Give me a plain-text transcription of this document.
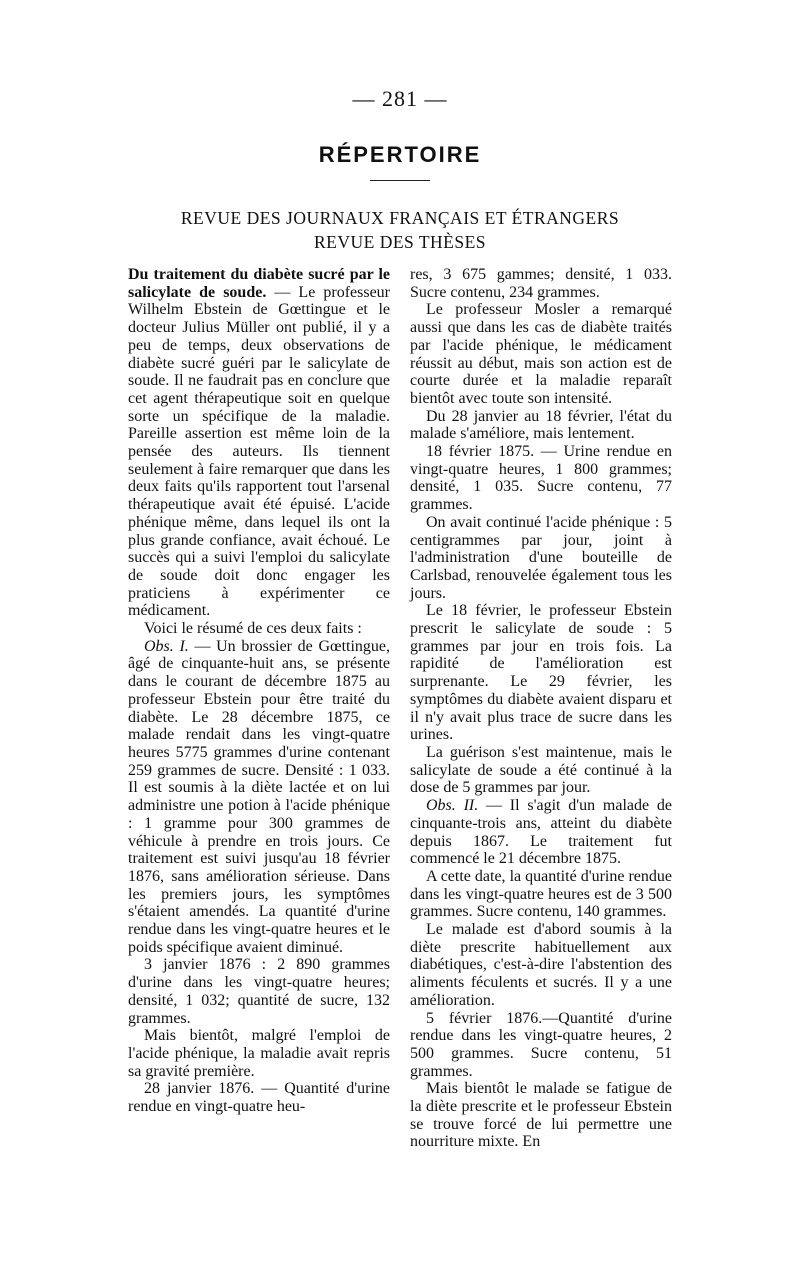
— 281 —
RÉPERTOIRE
REVUE DES JOURNAUX FRANÇAIS ET ÉTRANGERS
REVUE DES THÈSES

Du traitement du diabète sucré par le salicylate de soude. — Le professeur Wilhelm Ebstein de Gœttingue et le docteur Julius Müller ont publié, il y a peu de temps, deux observations de diabète sucré guéri par le salicylate de soude. Il ne faudrait pas en conclure que cet agent thérapeutique soit en quelque sorte un spécifique de la maladie. Pareille assertion est même loin de la pensée des auteurs. Ils tiennent seulement à faire remarquer que dans les deux faits qu'ils rapportent tout l'arsenal thérapeutique avait été épuisé. L'acide phénique même, dans lequel ils ont la plus grande confiance, avait échoué. Le succès qui a suivi l'emploi du salicylate de soude doit donc engager les praticiens à expérimenter ce médicament.

Voici le résumé de ces deux faits :

Obs. I. — Un brossier de Gœttingue, âgé de cinquante-huit ans, se présente dans le courant de décembre 1875 au professeur Ebstein pour être traité du diabète. Le 28 décembre 1875, ce malade rendait dans les vingt-quatre heures 5775 grammes d'urine contenant 259 grammes de sucre. Densité : 1 033. Il est soumis à la diète lactée et on lui administre une potion à l'acide phénique : 1 gramme pour 300 grammes de véhicule à prendre en trois jours. Ce traitement est suivi jusqu'au 18 février 1876, sans amélioration sérieuse. Dans les premiers jours, les symptômes s'étaient amendés. La quantité d'urine rendue dans les vingt-quatre heures et le poids spécifique avaient diminué.

3 janvier 1876 : 2 890 grammes d'urine dans les vingt-quatre heures; densité, 1 032; quantité de sucre, 132 grammes.

Mais bientôt, malgré l'emploi de l'acide phénique, la maladie avait repris sa gravité première.

28 janvier 1876. — Quantité d'urine rendue en vingt-quatre heu-

res, 3 675 gammes; densité, 1 033. Sucre contenu, 234 grammes.

Le professeur Mosler a remarqué aussi que dans les cas de diabète traités par l'acide phénique, le médicament réussit au début, mais son action est de courte durée et la maladie reparaît bientôt avec toute son intensité.

Du 28 janvier au 18 février, l'état du malade s'améliore, mais lentement.

18 février 1875. — Urine rendue en vingt-quatre heures, 1 800 grammes; densité, 1 035. Sucre contenu, 77 grammes.

On avait continué l'acide phénique : 5 centigrammes par jour, joint à l'administration d'une bouteille de Carlsbad, renouvelée également tous les jours.

Le 18 février, le professeur Ebstein prescrit le salicylate de soude : 5 grammes par jour en trois fois. La rapidité de l'amélioration est surprenante. Le 29 février, les symptômes du diabète avaient disparu et il n'y avait plus trace de sucre dans les urines.

La guérison s'est maintenue, mais le salicylate de soude a été continué à la dose de 5 grammes par jour.

Obs. II. — Il s'agit d'un malade de cinquante-trois ans, atteint du diabète depuis 1867. Le traitement fut commencé le 21 décembre 1875.

A cette date, la quantité d'urine rendue dans les vingt-quatre heures est de 3 500 grammes. Sucre contenu, 140 grammes.

Le malade est d'abord soumis à la diète prescrite habituellement aux diabétiques, c'est-à-dire l'abstention des aliments féculents et sucrés. Il y a une amélioration.

5 février 1876.—Quantité d'urine rendue dans les vingt-quatre heures, 2 500 grammes. Sucre contenu, 51 grammes.

Mais bientôt le malade se fatigue de la diète prescrite et le professeur Ebstein se trouve forcé de lui permettre une nourriture mixte. En
